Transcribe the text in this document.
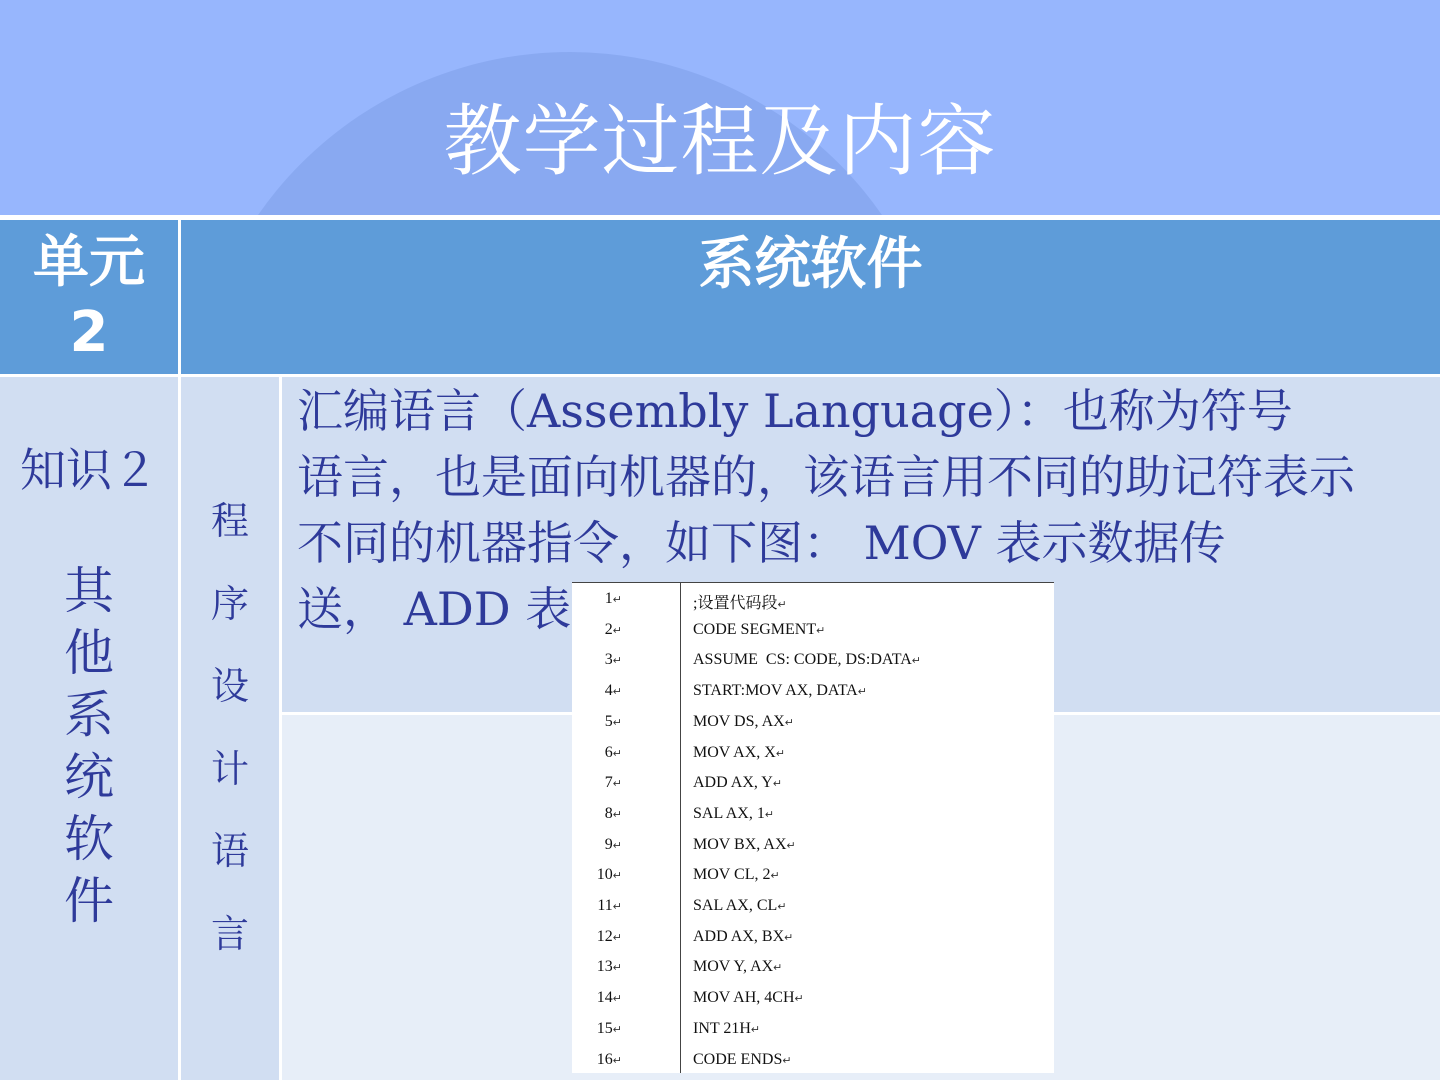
教学过程及内容
单元
2
系统软件
知识２
其
他
系
统
软
件
程
序
设
计
语
言
汇编语言（Assembly Language）：也称为符号
语言，也是面向机器的，该语言用不同的助记符表示
不同的机器指令，如下图： MOV 表示数据传
送， ADD 表	1↵	;设置代码段↵
2↵	CODE SEGMENT↵
3↵	ASSUME  CS: CODE, DS:DATA↵
4↵	START:MOV AX, DATA↵
5↵	MOV DS, AX↵
6↵	MOV AX, X↵
7↵	ADD AX, Y↵
8↵	SAL AX, 1↵
9↵	MOV BX, AX↵
10↵	MOV CL, 2↵
11↵	SAL AX, CL↵
12↵	ADD AX, BX↵
13↵	MOV Y, AX↵
14↵	MOV AH, 4CH↵
15↵	INT 21H↵
16↵	CODE ENDS↵
